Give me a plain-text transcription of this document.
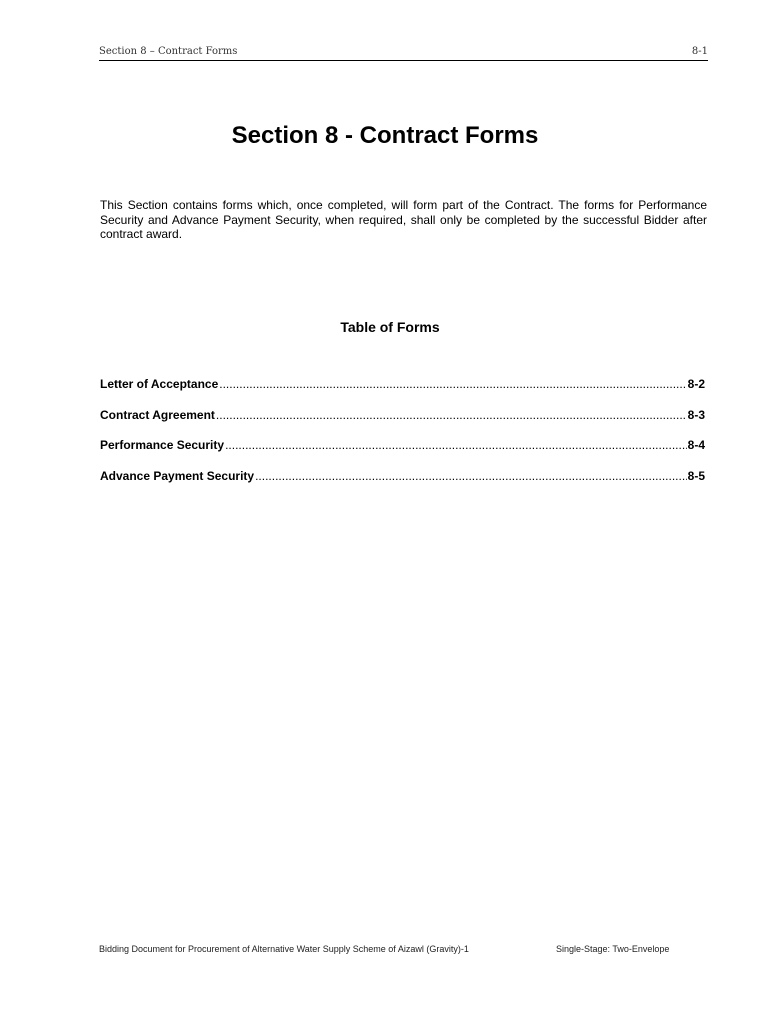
Section 8 – Contract Forms	8-1
Section 8 - Contract Forms
This Section contains forms which, once completed, will form part of the Contract. The forms for Performance Security and Advance Payment Security, when required, shall only be completed by the successful Bidder after contract award.
Table of Forms
Letter of Acceptance .....	8-2
Contract Agreement .....	8-3
Performance Security .....	8-4
Advance Payment Security .....	8-5
Bidding Document for Procurement of Alternative Water Supply Scheme of Aizawl (Gravity)-1	Single-Stage: Two-Envelope
